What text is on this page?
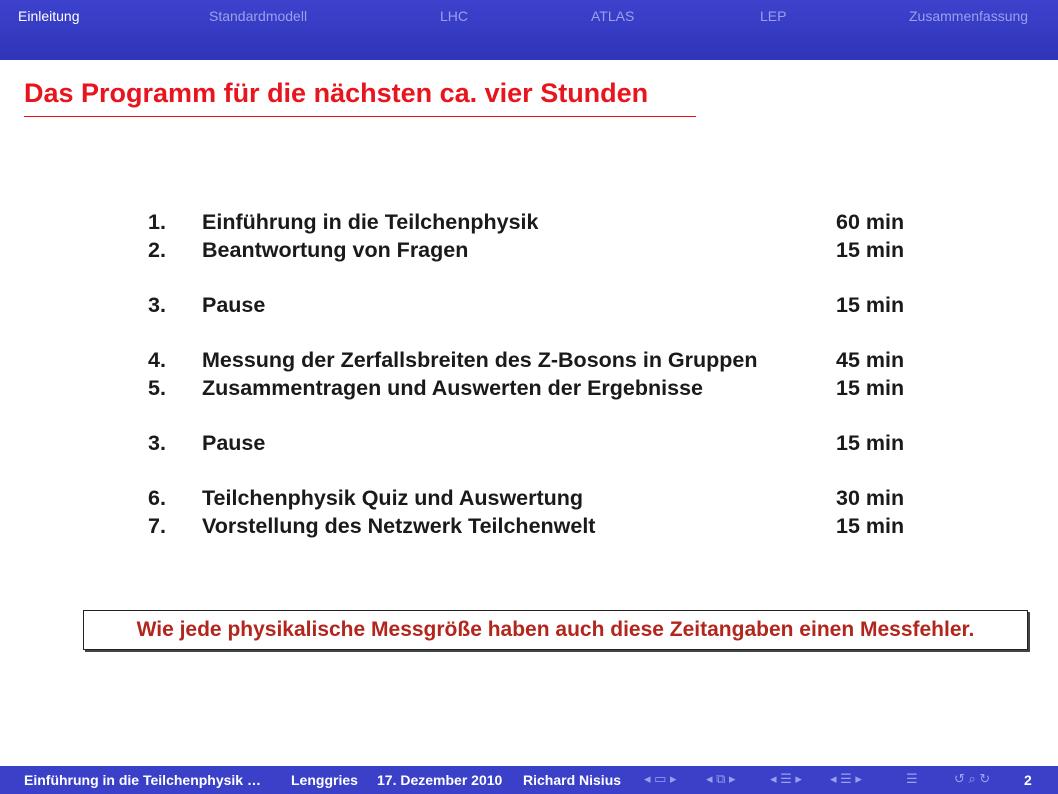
Einleitung	Standardmodell	LHC	ATLAS	LEP	Zusammenfassung
Das Programm für die nächsten ca. vier Stunden
1. Einführung in die Teilchenphysik	60 min
2. Beantwortung von Fragen	15 min
3. Pause	15 min
4. Messung der Zerfallsbreiten des Z-Bosons in Gruppen	45 min
5. Zusammentragen und Auswerten der Ergebnisse	15 min
3. Pause	15 min
6. Teilchenphysik Quiz und Auswertung	30 min
7. Vorstellung des Netzwerk Teilchenwelt	15 min
Wie jede physikalische Messgröße haben auch diese Zeitangaben einen Messfehler.
Einführung in die Teilchenphysik … Lenggries 17. Dezember 2010 Richard Nisius ◂ ▭ ▸ ◂ ⧉ ▸	◂ ☰ ▸ ◂ ☰ ▸	☰	↺ ⌕ ↻ 2
